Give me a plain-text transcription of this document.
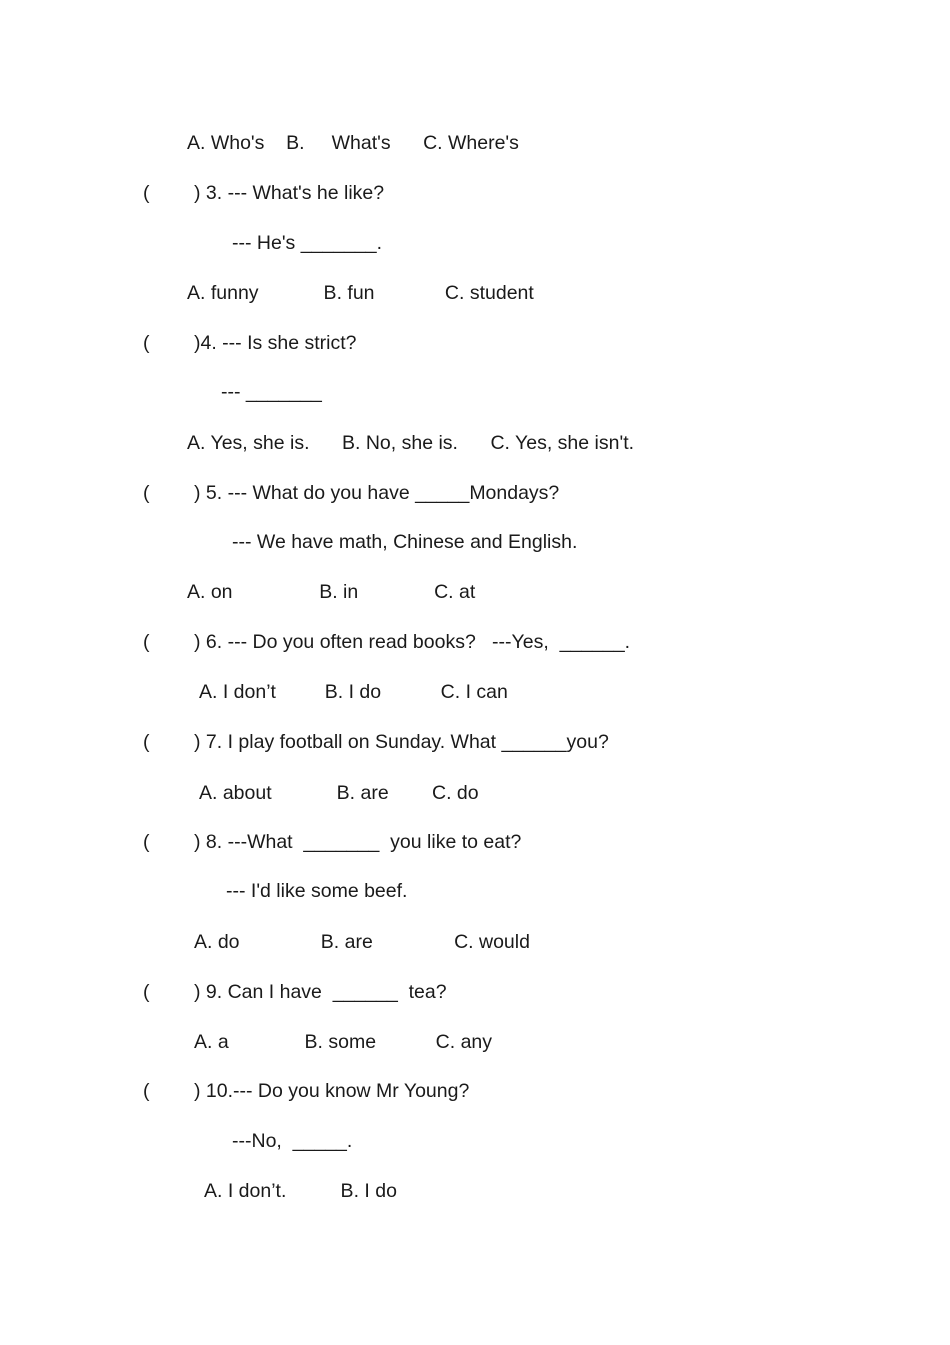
A. Who's    B.     What's      C. Where's
( ) 3. --- What's he like?
--- He's _______.
A. funny            B. fun             C. student
( )4. --- Is she strict?
--- _______
A. Yes, she is.      B. No, she is.      C. Yes, she isn't.
( ) 5. --- What do you have _____Mondays?
--- We have math, Chinese and English.
A. on                B. in              C. at
( ) 6. --- Do you often read books?   ---Yes,  ______.
A. I don’t         B. I do           C. I can
( ) 7. I play football on Sunday. What ______you?
A. about            B. are        C. do
( ) 8. ---What  _______  you like to eat?
--- I'd like some beef.
A. do               B. are               C. would
( ) 9. Can I have  ______  tea?
A. a              B. some           C. any
( ) 10.--- Do you know Mr Young?
---No,  _____.
A. I don’t.          B. I do
